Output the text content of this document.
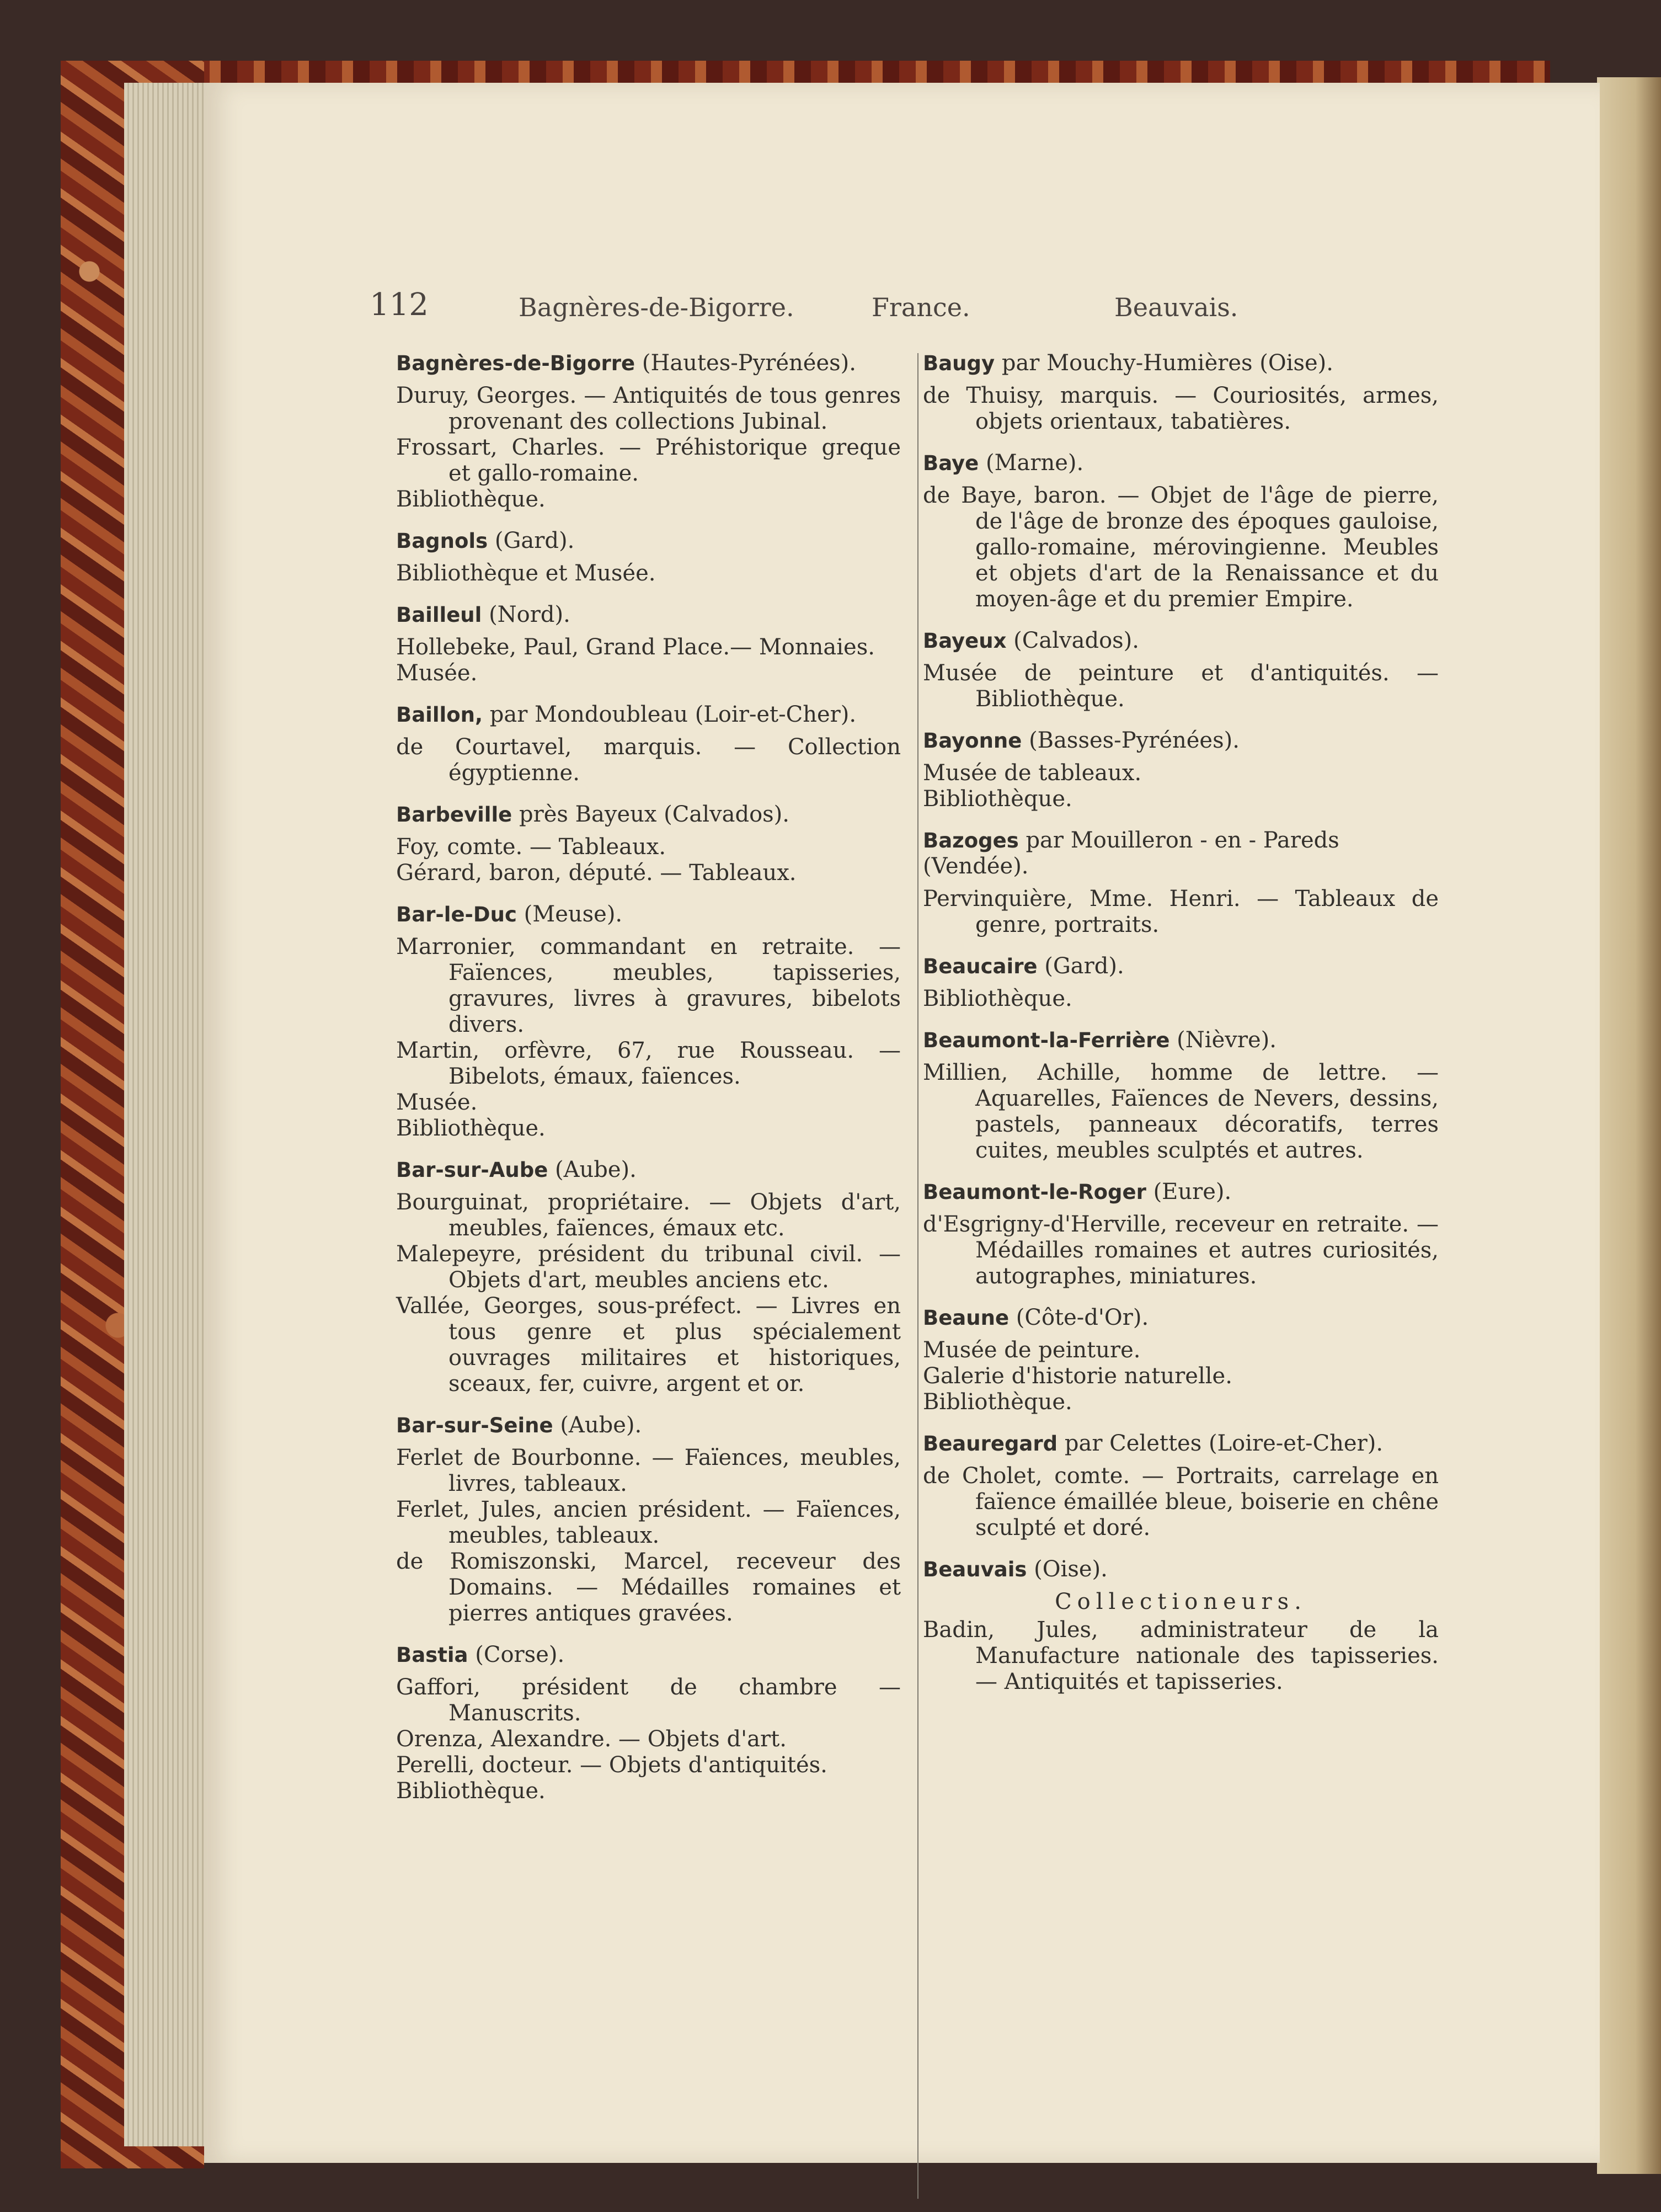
112	Bagnères-de-Bigorre.	France.	Beauvais.
Bagnères-de-Bigorre (Hautes-Pyrénées).
Duruy, Georges. — Antiquités de tous genres provenant des collections Jubinal.
Frossart, Charles. — Préhistorique greque et gallo-romaine.
Bibliothèque.
Bagnols (Gard).
Bibliothèque et Musée.
Bailleul (Nord).
Hollebeke, Paul, Grand Place.— Monnaies.
Musée.
Baillon, par Mondoubleau (Loir-et-Cher).
de Courtavel, marquis. — Collection égyptienne.
Barbeville près Bayeux (Calvados).
Foy, comte. — Tableaux.
Gérard, baron, député. — Tableaux.
Bar-le-Duc (Meuse).
Marronier, commandant en retraite. — Faïences, meubles, tapisseries, gravures, livres à gravures, bibelots divers.
Martin, orfèvre, 67, rue Rousseau. — Bibelots, émaux, faïences.
Musée.
Bibliothèque.
Bar-sur-Aube (Aube).
Bourguinat, propriétaire. — Objets d'art, meubles, faïences, émaux etc.
Malepeyre, président du tribunal civil. — Objets d'art, meubles anciens etc.
Vallée, Georges, sous-préfect. — Livres en tous genre et plus spécialement ouvrages militaires et historiques, sceaux, fer, cuivre, argent et or.
Bar-sur-Seine (Aube).
Ferlet de Bourbonne. — Faïences, meubles, livres, tableaux.
Ferlet, Jules, ancien président. — Faïences, meubles, tableaux.
de Romiszonski, Marcel, receveur des Domains. — Médailles romaines et pierres antiques gravées.
Bastia (Corse).
Gaffori, président de chambre — Manuscrits.
Orenza, Alexandre. — Objets d'art.
Perelli, docteur. — Objets d'antiquités.
Bibliothèque.
Baugy par Mouchy-Humières (Oise).
de Thuisy, marquis. — Couriosités, armes, objets orientaux, tabatières.
Baye (Marne).
de Baye, baron. — Objet de l'âge de pierre, de l'âge de bronze des époques gauloise, gallo-romaine, mérovingienne. Meubles et objets d'art de la Renaissance et du moyen-âge et du premier Empire.
Bayeux (Calvados).
Musée de peinture et d'antiquités. — Bibliothèque.
Bayonne (Basses-Pyrénées).
Musée de tableaux.
Bibliothèque.
Bazoges par Mouilleron - en - Pareds (Vendée).
Pervinquière, Mme. Henri. — Tableaux de genre, portraits.
Beaucaire (Gard).
Bibliothèque.
Beaumont-la-Ferrière (Nièvre).
Millien, Achille, homme de lettre. — Aquarelles, Faïences de Nevers, dessins, pastels, panneaux décoratifs, terres cuites, meubles sculptés et autres.
Beaumont-le-Roger (Eure).
d'Esgrigny-d'Herville, receveur en retraite. — Médailles romaines et autres curiosités, autographes, miniatures.
Beaune (Côte-d'Or).
Musée de peinture.
Galerie d'historie naturelle.
Bibliothèque.
Beauregard par Celettes (Loire-et-Cher).
de Cholet, comte. — Portraits, carrelage en faïence émaillée bleue, boiserie en chêne sculpté et doré.
Beauvais (Oise).
Collectioneurs.
Badin, Jules, administrateur de la Manufacture nationale des tapisseries. — Antiquités et tapisseries.
